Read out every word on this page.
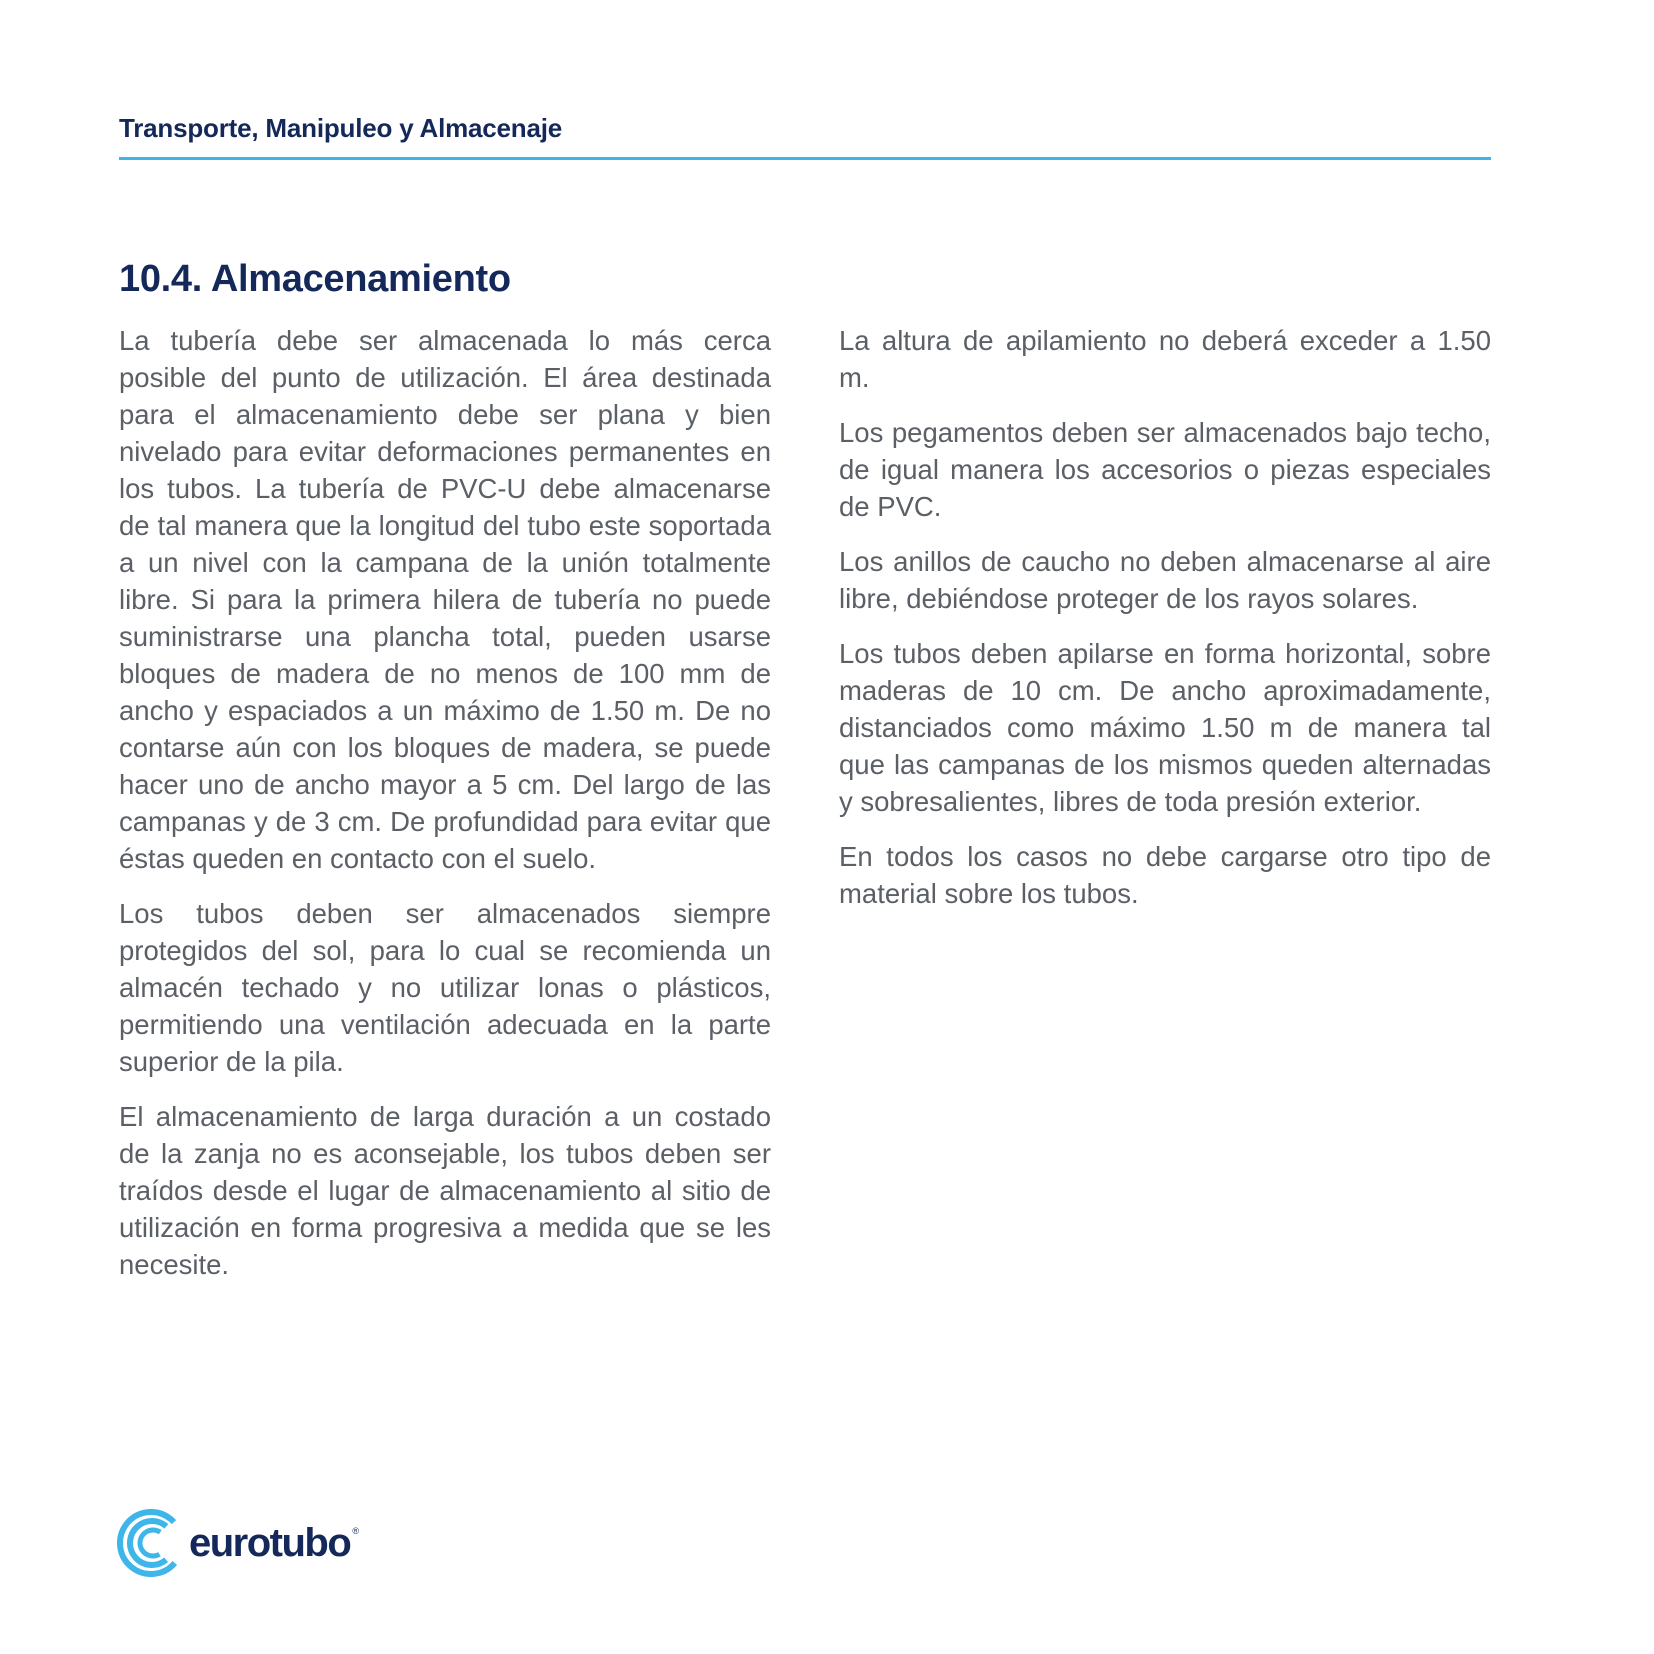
Transporte, Manipuleo y Almacenaje
10.4. Almacenamiento

La tubería debe ser almacenada lo más cerca posible del punto de utilización. El área destinada para el almacenamiento debe ser plana y bien nivelado para evitar deformaciones permanentes en los tubos. La tubería de PVC-U debe almacenarse de tal manera que la longitud del tubo este soportada a un nivel con la campana de la unión totalmente libre. Si para la primera hilera de tubería no puede suministrarse una plancha total, pueden usarse bloques de madera de no menos de 100 mm de ancho y espaciados a un máximo de 1.50 m. De no contarse aún con los bloques de madera, se puede hacer uno de ancho mayor a 5 cm. Del largo de las campanas y de 3 cm. De profundidad para evitar que éstas queden en contacto con el suelo.

Los tubos deben ser almacenados siempre protegidos del sol, para lo cual se recomienda un almacén techado y no utilizar lonas o plásticos, permitiendo una ventilación adecuada en la parte superior de la pila.

El almacenamiento de larga duración a un costado de la zanja no es aconsejable, los tubos deben ser traídos desde el lugar de almacenamiento al sitio de utilización en forma progresiva a medida que se les necesite.

La altura de apilamiento no deberá exceder a 1.50 m.

Los pegamentos deben ser almacenados bajo techo, de igual manera los accesorios o piezas especiales de PVC.

Los anillos de caucho no deben almacenarse al aire libre, debiéndose proteger de los rayos solares.

Los tubos deben apilarse en forma horizontal, sobre maderas de 10 cm. De ancho aproximadamente, distanciados como máximo 1.50 m de manera tal que las campanas de los mismos queden alternadas y sobresalientes, libres de toda presión exterior.

En todos los casos no debe cargarse otro tipo de material sobre los tubos.

eurotubo ®
